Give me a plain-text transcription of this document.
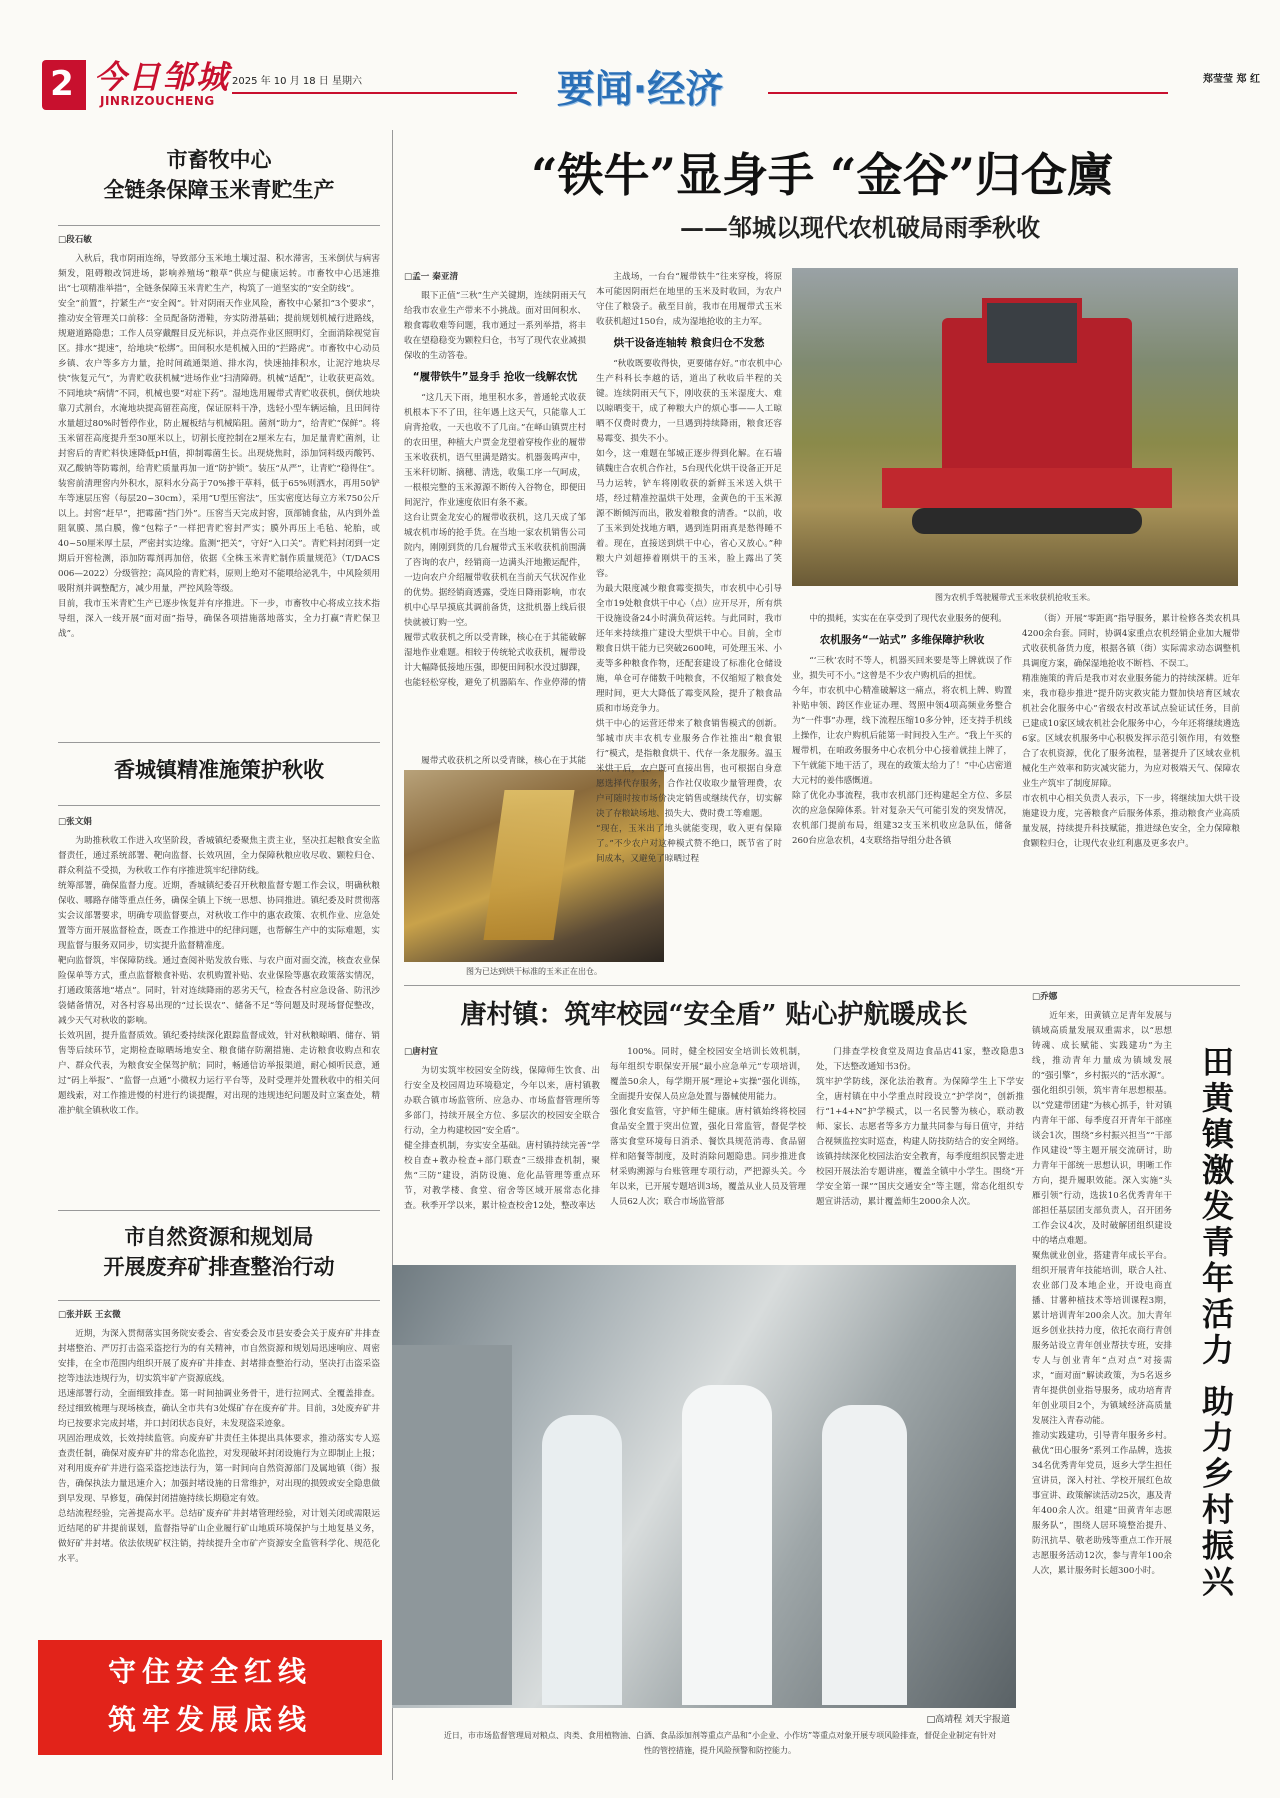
2 今日邹城
JINRIZOUCHENG
2025 年 10 月 18 日 星期六	要闻·经济	郑莹莹 郑 红
市畜牧中心
全链条保障玉米青贮生产
□段石敏
入秋后，我市阴雨连绵，导致部分玉米地土壤过湿、积水滞害，玉米倒伏与病害频发，阻碍粮改饲进场，影响养殖场“粮草”供应与健康运转。市畜牧中心迅速推出“七项精准举措”，全链条保障玉米青贮生产，构筑了一道坚实的“安全防线”。
安全“前置”，拧紧生产“安全阀”。针对阴雨天作业风险，畜牧中心紧扣“3个要求”，推动安全管理关口前移：全员配备防滑鞋，夯实防滑基础；提前规划机械行进路线，规避道路隐患；工作人员穿戴醒目反光标识，并点亮作业区照明灯，全面消除视觉盲区。排水“提速”，给地块“松绑”。田间积水是机械入田的“拦路虎”。市畜牧中心动员乡镇、农户等多方力量，抢时间疏通渠道、排水沟，快速抽排积水，让泥泞地块尽快“恢复元气”，为青贮收获机械“进场作业”扫清障碍。机械“适配”，让收获更高效。不同地块“病情”不同，机械也要“对症下药”。湿地选用履带式青贮收获机，倒伏地块靠刀式割台，水淹地块提高留茬高度，保证原料干净，选轻小型车辆运输，且田间待水量超过80%时暂停作业，防止履板结与机械陷阻。菌剂“助力”，给青贮“保鲜”。将玉米留茬高度提升至30厘米以上，切割长度控制在2厘米左右，加足量青贮菌剂，让封窖后的青贮料快速降低pH值，抑制霉菌生长。出现烧焦时，添加饲料级丙酸钙、双乙酸钠等防霉剂，给青贮质量再加一道“防护锁”。装压“从严”，让青贮“稳得住”。装窖前清理窖内外积水，原料水分高于70%掺干草料，低于65%则洒水，再用50铲车等速层压窖（每层20~30cm），采用“U型压窖法”，压实密度达每立方米750公斤以上。封窖“赶早”，把霉菌“挡门外”。压窖当天完成封窖，顶部铺食盐，从内到外盖阻氧膜、黑白膜，像“包粽子”一样把青贮窖封严实；膜外再压上毛毡、轮胎，或40~50厘米厚土层，严密封实边缘。监测“把关”，守好“入口关”。青贮料封闭到一定期后开窖检测，添加防霉剂再加倍，依据《全株玉米青贮制作质量规范》（T/DACS 006—2022）分级管控；高风险的青贮料，原则上绝对不能喂给泌乳牛，中风险须用吸附剂并调整配方，减少用量，严控风险等级。
目前，我市玉米青贮生产已逐步恢复并有序推进。下一步，市畜牧中心将成立技术指导组，深入一线开展“面对面”指导，确保各项措施落地落实，全力打赢“青贮保卫战”。
香城镇精准施策护秋收
□张文娟
为助推秋收工作进入攻坚阶段，香城镇纪委聚焦主责主业，坚决扛起粮食安全监督责任，通过系统部署、靶向监督、长效巩固，全力保障秋粮应收尽收、颗粒归仓、群众利益不受损，为秋收工作有序推进筑牢纪律防线。
统筹部署，确保监督力度。近期，香城镇纪委召开秋粮监督专题工作会议，明确秋粮保收、哪路存储等重点任务，确保全镇上下统一思想、协同推进。镇纪委及时贯彻落实会议部署要求，明确专项监督要点，对秋收工作中的惠农政策、农机作业、应急处置等方面开展监督检查，既查工作推进中的纪律问题，也帮解生产中的实际难题，实现监督与服务双同步，切实提升监督精准度。
靶向监督筑，牢保障防线。通过查阅补贴发放台账、与农户面对面交流，核查农业保险保单等方式，重点监督粮食补贴、农机购置补贴、农业保险等惠农政策落实情况，打通政策落地“堵点”。同时，针对连续降雨的恶劣天气，检查各村应急设备、防汛沙袋储备情况，对各村容易出现的“过长误农”、储备不足“等问题及时现场督促整改，减少天气对秋收的影响。
长效巩固，提升监督质效。镇纪委持续深化跟踪监督成效，针对秋粮晾晒、储存、销售等后续环节，定期检查晾晒场地安全、粮食储存防潮措施、走访粮食收购点和农户、群众代表，为粮食安全保驾护航；同时，畅通信访举报渠道，耐心倾听民意，通过“码上举报”、“监督一点通”小微权力运行平台等，及时受理并处置秋收中的相关问题线索，对工作推进慢的村进行约谈提醒，对出现的违规违纪问题及时立案查处，精准护航全镇秋收工作。
市自然资源和规划局
开展废弃矿排查整治行动
□张并跃 王玄微
近期，为深入贯彻落实国务院安委会、省安委会及市县安委会关于废弃矿井排查封堵整治、严厉打击盗采盗挖行为的有关精神，市自然资源和规划局迅速响应、周密安排，在全市范围内组织开展了废弃矿井排查、封堵排查整治行动，坚决打击盗采盗挖等违法违规行为，切实筑牢矿产资源底线。
迅速部署行动，全面细致排查。第一时间抽调业务骨干，进行拉网式、全覆盖排查。经过细致梳理与现场核查，确认全市共有3处煤矿存在废弃矿井。目前，3处废弃矿井均已按要求完成封堵，并口封闭状态良好，未发现盗采迹象。
巩固治理成效，长效持续监管。向废弃矿井责任主体提出具体要求，推动落实专人巡查责任制，确保对废弃矿井的常态化监控，对发现破坏封闭设施行为立即制止上报；对利用废弃矿井进行盗采盗挖违法行为，第一时间向自然资源部门及属地镇（街）报告，确保执法力量迅速介入；加强封堵设施的日常维护，对出现的损毁或安全隐患做到早发现、早修复，确保封闭措施持续长期稳定有效。
总结流程经验，完善提高水平。总结矿废弃矿井封堵管理经验，对计划关闭或需限运近结尾的矿井提前谋划，监督指导矿山企业履行矿山地质环境保护与土地复垦义务，做好矿井封堵。依法依规矿权注销，持续提升全市矿产资源安全监管科学化、规范化水平。
守住安全红线
筑牢发展底线
“铁牛”显身手 “金谷”归仓廪
——邹城以现代农机破局雨季秋收
□孟一 秦亚清
眼下正值“三秋”生产关键期，连续阴雨天气给我市农业生产带来不小挑战。面对田间积水、粮食霉收难等问题，我市通过一系列举措，将丰收在望稳稳变为颗粒归仓，书写了现代农业减损保收的生动答卷。
“履带铁牛”显身手 抢收一线解农忧
“这几天下雨，地里积水多，普通轮式收获机根本下不了田，往年遇上这天气，只能靠人工肩背抢收，一天也收不了几亩。”在峄山镇贾庄村的农田里，种植大户贾金龙望着穿梭作业的履带玉米收获机，语气里满是踏实。机器轰鸣声中，玉米秆切断、摘穗、清选，收集工序一气呵成，一根根完整的玉米源源不断传入谷物仓，即便田间泥泞，作业速度依旧有条不紊。
这台让贾金龙安心的履带收获机，这几天成了邹城农机市场的抢手货。在当地一家农机销售公司院内，刚刚到货的几台履带式玉米收获机前围满了咨询的农户，经销商一边满头汗地搬运配件，一边向农户介绍履带收获机在当前天气状况作业的优势。据经销商透露，受连日降雨影响，市农机中心早早摸底其调前备货，这批机器上线后很快就被订购一空。
履带式收获机之所以受青睐，核心在于其能破解湿地作业难题。相较于传统轮式收获机，履带设计大幅降低接地压强，即便田间积水没过脚踝，也能轻松穿梭，避免了机器陷车、作业停滞的情
履带式收获机之所以受青睐，核心在于其能
图为已达到烘干标准的玉米正在出仓。
主战场，一台台“履带铁牛”往来穿梭，将原本可能因阴雨烂在地里的玉米及时收回，为农户守住了粮袋子。截至目前，我市在用履带式玉米收获机超过150台，成为湿地抢收的主力军。
烘干设备连轴转 粮食归仓不发愁
“秋收既要收得快，更要储存好。”市农机中心生产科科长李越的话，道出了秋收后半程的关键。连续阴雨天气下，刚收获的玉米湿度大、难以晾晒变干，成了种粮大户的烦心事——人工晾晒不仅费时费力，一旦遇到持续降雨，粮食还容易霉变、损失不小。
如今，这一难题在邹城正逐步得到化解。在石墙镇魏庄合农机合作社，5台现代化烘干设备正开足马力运转，铲车将刚收获的新鲜玉米送入烘干塔，经过精准控温烘干处理，金黄色的干玉米源源不断倾泻而出，散发着粮食的清香。“以前，收了玉米到处找地方晒，遇到连阴雨真是愁得睡不着。现在，直接送到烘干中心，省心又放心。”种粮大户刘超捧着刚烘干的玉米，脸上露出了笑容。
为最大限度减少粮食霉变损失，市农机中心引导全市19处粮食烘干中心（点）应开尽开，所有烘干设施设备24小时满负荷运转。与此同时，我市还年来持续推广建设大型烘干中心。目前，全市粮食日烘干能力已突破2600吨，可处理玉米、小麦等多种粮食作物，还配套建设了标准化仓储设施，单仓可存储数千吨粮食，不仅缩短了粮食处理时间，更大大降低了霉变风险，提升了粮食品质和市场竞争力。
烘干中心的运营还带来了粮食销售模式的创新。邹城市庆丰农机专业服务合作社推出“粮食银行”模式，是指粮食烘干、代存一条龙服务。温玉米烘干后，农户既可直接出售，也可根据自身意愿选择代存服务，合作社仅收取少量管理费，农户可随时按市场价决定销售或继续代存，切实解决了存粮缺场地、损失大、费时费工等难题。
“现在，玉米出了地头就能变现，收入更有保障了。”不少农户对这种模式赞不绝口，既节省了时间成本，又避免了晾晒过程
图为农机手驾驶履带式玉米收获机抢收玉米。
中的损耗，实实在在享受到了现代农业服务的便利。
农机服务“一站式” 多维保障护秋收
“‘三秋’农时不等人，机器买回来要是等上牌就误了作业，损失可不小。”这曾是不少农户购机后的担忧。
今年，市农机中心精准破解这一痛点，将农机上牌、购置补贴申领、跨区作业证办理、驾照申领4项高频业务整合为“一件事”办理，线下流程压缩10多分钟，还支持手机线上操作，让农户购机后能第一时间投入生产。“我上午买的履带机，在咱政务服务中心农机分中心接着就挂上牌了，下午就能下地干活了，现在的政策太给力了！”中心店密道大元村的姜伟感慨道。
除了优化办事流程，我市农机部门还构建起全方位、多层次的应急保障体系。针对复杂天气可能引发的突发情况，农机部门提前布局，组建32支玉米机收应急队伍，储备260台应急农机，4支联络指导组分赴各镇
（街）开展“零距离”指导服务，累计检修各类农机具4200余台套。同时，协调4家重点农机经销企业加大履带式收获机备货力度，根据各镇（街）实际需求动态调整机具调度方案，确保湿地抢收不断档、不误工。
精准施策的背后是我市对农业服务能力的持续深耕。近年来，我市稳步推进“提升防灾救灾能力暨加快培育区域农机社会化服务中心”省级农村改革试点验证试任务，目前已建成10家区域农机社会化服务中心，今年还将继续遴选6家。区域农机服务中心积极发挥示范引领作用，有效整合了农机资源，优化了服务流程，显著提升了区域农业机械化生产效率和防灾减灾能力，为应对极端天气、保障农业生产筑牢了制度屏障。
市农机中心相关负责人表示，下一步，将继续加大烘干设施建设力度，完善粮食产后服务体系，推动粮食产业高质量发展，持续提升科技赋能，推进绿色安全，全力保障粮食颗粒归仓，让现代农业红利惠及更多农户。
唐村镇：筑牢校园“安全盾” 贴心护航暖成长
□唐村宣
为切实筑牢校园安全防线，保障师生饮食、出行安全及校园周边环境稳定，今年以来，唐村镇教办联合镇市场监管所、应急办、市场监督管理所等多部门，持续开展全方位、多层次的校园安全联合行动，全力构建校园“安全盾”。
健全排查机制，夯实安全基础。唐村镇持续完善“学校自查+教办检查+部门联查”三级排查机制，聚焦“三防”建设，消防设施、危化品管理等重点环节，对教学楼、食堂、宿舍等区域开展常态化排查。秋季开学以来，累计检查校舍12处，整改率达
100%。同时，健全校园安全培训长效机制，每年组织专职保安开展“最小应急单元”专项培训，覆盖50余人，每学期开展“理论+实操”强化训练，全面提升安保人员应急处置与器械使用能力。
强化食安监管，守护师生健康。唐村镇始终将校园食品安全置于突出位置，强化日常监管，督促学校落实食堂环境每日消杀、餐饮具规范消毒、食品留样和陪餐等制度，及时消除问题隐患。同步推进食材采购溯源与台账管理专项行动，严把源头关。今年以来，已开展专题培训3场，覆盖从业人员及管理人员62人次；联合市场监管部
门排查学校食堂及周边食品店41家，整改隐患3处，下达整改通知书3份。
筑牢护学防线，深化法治教育。为保障学生上下学安全，唐村镇在中小学重点时段设立“护学岗”，创新推行“1+4+N”护学模式，以一名民警为核心，联动教师、家长、志愿者等多方力量共同参与每日值守，并结合视频监控实时巡查，构建人防技防结合的安全网络。该镇持续深化校园法治安全教育，每季度组织民警走进校园开展法治专题讲座，覆盖全镇中小学生。围绕“开学安全第一课”“国庆交通安全”等主题，常态化组织专题宣讲活动，累计覆盖师生2000余人次。
□高靖程 刘天宇报道
近日，市市场监督管理局对粮点、肉类、食用植物油、白酒、食品添加剂等重点产品和“小企业、小作坊”等重点对象开展专项风险排查，督促企业制定有针对性的管控措施，提升风险预警和防控能力。
□乔娜
近年来，田黄镇立足青年发展与镇域高质量发展双重需求，以“思想铸魂、成长赋能、实践建功”为主线，推动青年力量成为镇域发展的“强引擎”，乡村振兴的“活水源”。
强化组织引领，筑牢青年思想根基。以“党建带团建”为核心抓手，针对镇内青年干部、每季度召开青年干部座谈会1次，围绕“乡村振兴担当”“干部作风建设”等主题开展交流研讨，助力青年干部统一思想认识，明晰工作方向，提升履职效能。深入实施“头雁引领”行动，选拔10名优秀青年干部担任基层团支部负责人，召开团务工作会议4次，及时破解团组织建设中的堵点难题。
聚焦就业创业，搭建青年成长平台。组织开展青年技能培训，联合人社、农业部门及本地企业，开设电商直播、甘薯种植技术等培训课程3期，累计培训青年200余人次。加大青年返乡创业扶持力度，依托农商行青创服务站设立青年创业帮扶专班，安排专人与创业青年“点对点”对接需求，“面对面”解读政策，为5名返乡青年提供创业指导服务，成功培育青年创业项目2个，为镇域经济高质量发展注入青春动能。
推动实践建功，引导青年服务乡村。截优“田心服务”系列工作品牌，选拔34名优秀青年党员，返乡大学生担任宣讲员，深入村社、学校开展红色故事宣讲、政策解读活动25次，惠及青年400余人次。组建“田黄青年志愿服务队”，围绕人居环境整治提升、防汛抗旱、敬老助残等重点工作开展志愿服务活动12次，参与青年100余人次，累计服务时长超300小时。	田黄镇激发青年活力 助力乡村振兴
